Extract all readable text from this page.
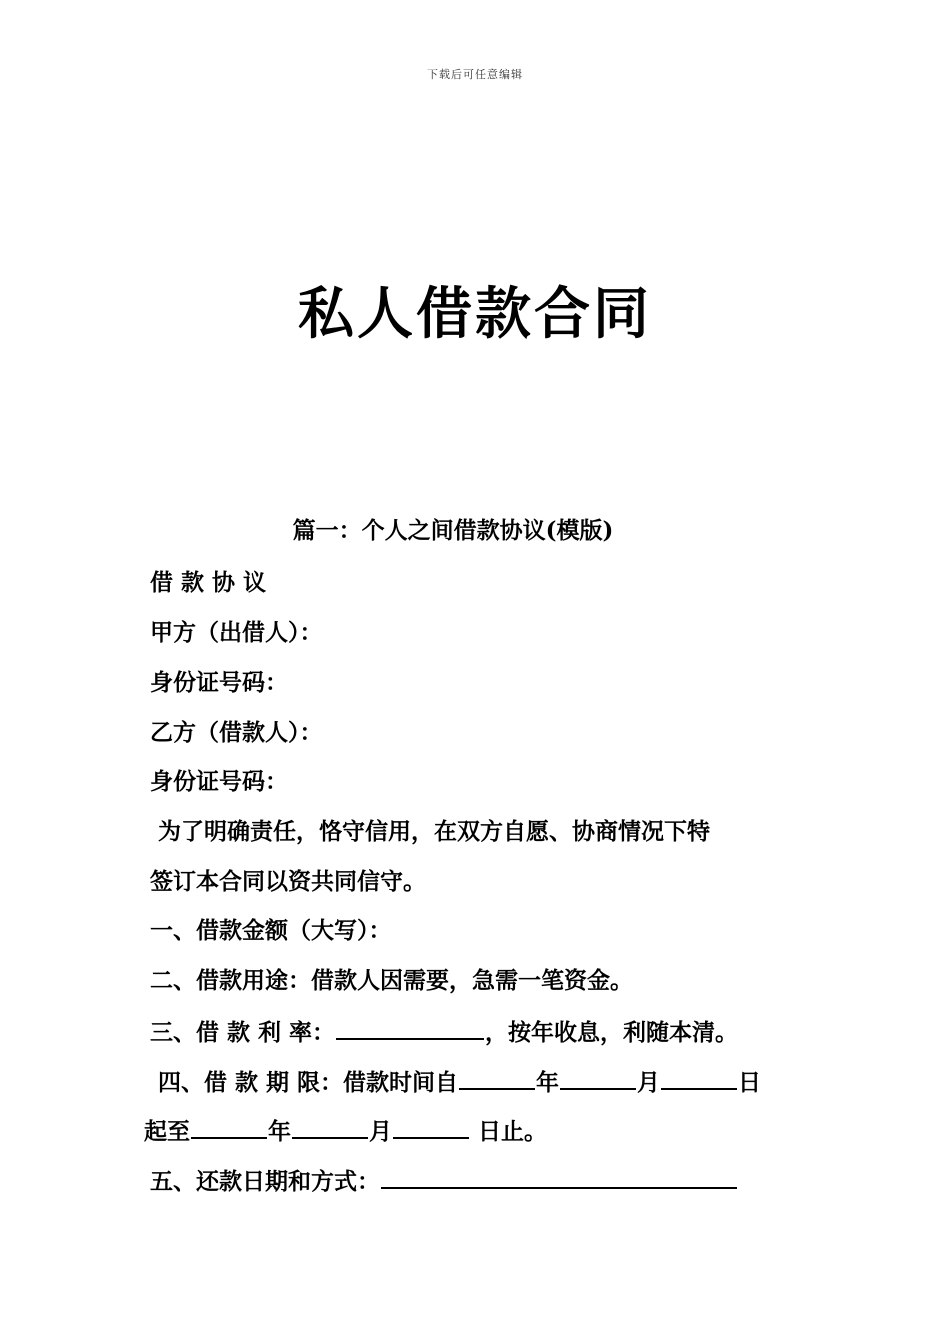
下载后可任意编辑
私人借款合同
篇一：个人之间借款协议(模版)
借 款 协 议
甲方（出借人）：
身份证号码：
乙方（借款人）：
身份证号码：
为了明确责任，恪守信用，在双方自愿、协商情况下特
签订本合同以资共同信守。
一、借款金额（大写）：
二、借款用途：借款人因需要，急需一笔资金。
三、借 款 利 率：	，按年收息，利随本清。
四、借 款 期 限：借款时间自	年	月	日
起至	年	月	日止。
五、还款日期和方式：
